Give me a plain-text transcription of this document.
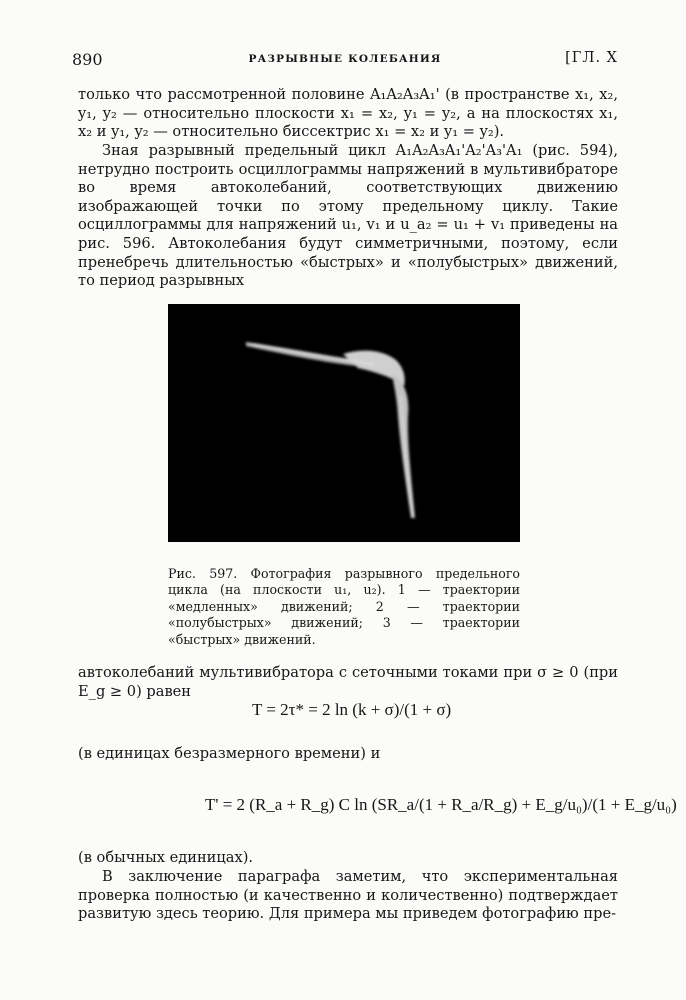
890	РАЗРЫВНЫЕ КОЛЕБАНИЯ	[ГЛ. X
только что рассмотренной половине A₁A₂A₃A₁' (в пространстве x₁, x₂, y₁, y₂ — относительно плоскости x₁ = x₂, y₁ = y₂, а на плоскостях x₁, x₂ и y₁, y₂ — относительно биссектрис x₁ = x₂ и y₁ = y₂).
Зная разрывный предельный цикл A₁A₂A₃A₁'A₂'A₃'A₁ (рис. 594), нетрудно построить осциллограммы напряжений в мультивибраторе во время автоколебаний, соответствующих движению изображающей точки по этому предельному циклу. Такие осциллограммы для напряжений u₁, v₁ и u_a₂ = u₁ + v₁ приведены на рис. 596. Автоколебания будут симметричными, поэтому, если пренебречь длительностью «быстрых» и «полубыстрых» движений, то период разрывных
Рис. 597. Фотография разрывного предельного цикла (на плоскости u₁, u₂). 1 — траектории «медленных» движений; 2 — траектории «полубыстрых» движений; 3 — траектории «быстрых» движений.
автоколебаний мультивибратора с сеточными токами при σ ≥ 0 (при E_g ≥ 0) равен
T = 2τ* = 2 ln (k + σ)/(1 + σ)
(в единицах безразмерного времени) и
T' = 2 (R_a + R_g) C ln (SR_a/(1 + R_a/R_g) + E_g/u₀)/(1 + E_g/u₀)
(в обычных единицах).
В заключение параграфа заметим, что экспериментальная проверка полностью (и качественно и количественно) подтверждает развитую здесь теорию. Для примера мы приведем фотографию пре-
